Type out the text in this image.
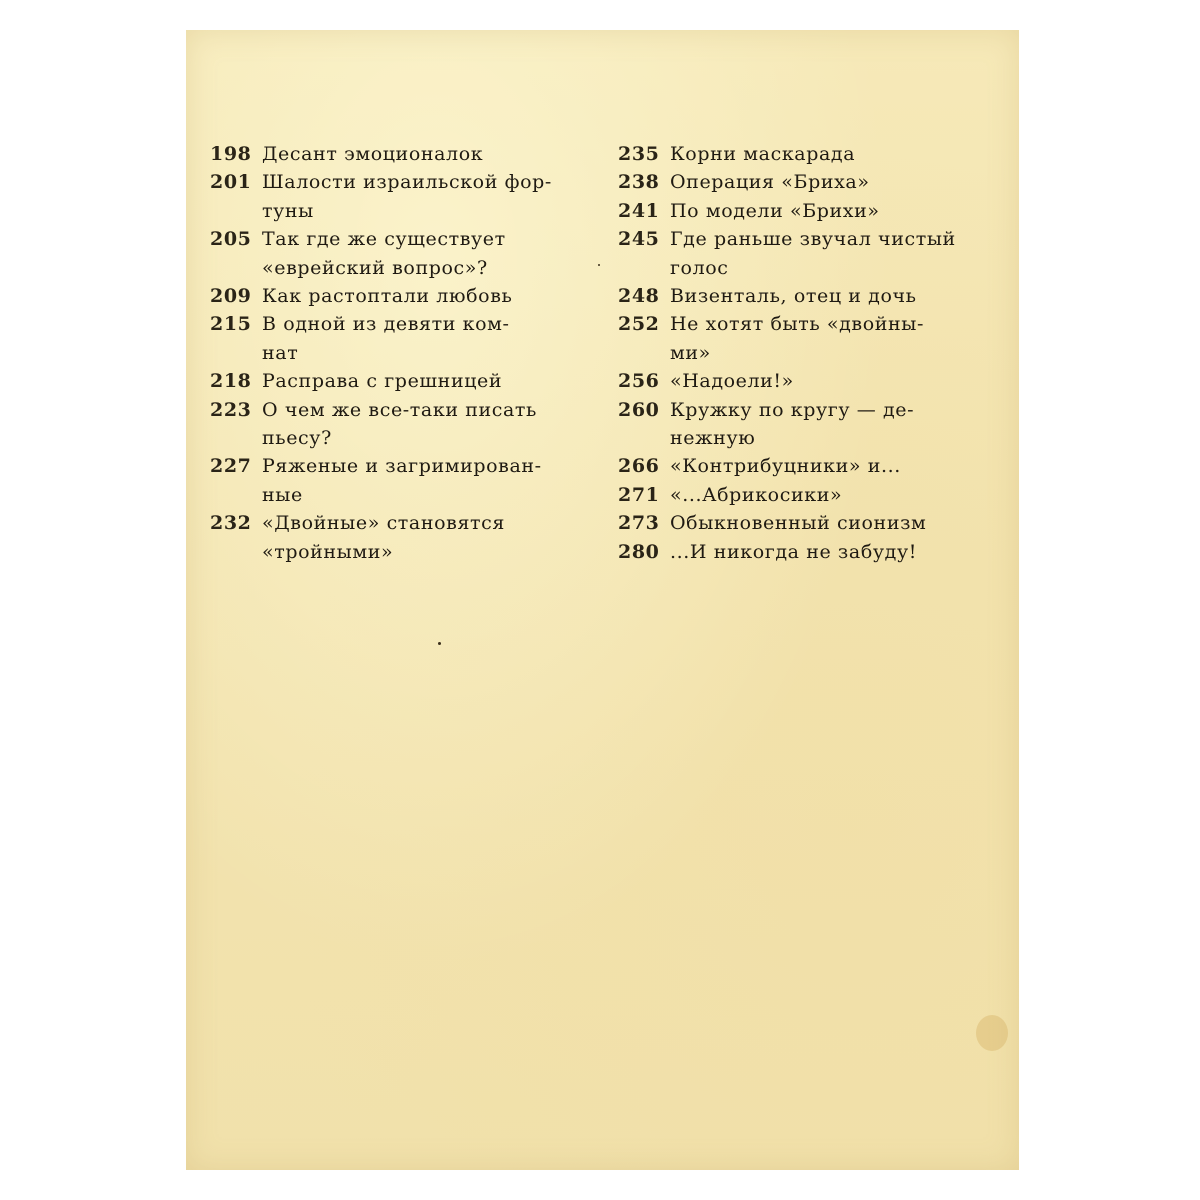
198 Десант эмоционалок
201 Шалости израильской фор-
туны
205 Так где же существует
«еврейский вопрос»?
209 Как растоптали любовь
215 В одной из девяти ком-
нат
218 Расправа с грешницей
223 О чем же все-таки писать
пьесу?
227 Ряженые и загримирован-
ные
232 «Двойные» становятся
«тройными»
235 Корни маскарада
238 Операция «Бриха»
241 По модели «Брихи»
245 Где раньше звучал чистый
голос
248 Визенталь, отец и дочь
252 Не хотят быть «двойны-
ми»
256 «Надоели!»
260 Кружку по кругу — де-
нежную
266 «Контрибуцники» и...
271 «...Абрикосики»
273 Обыкновенный сионизм
280 ...И никогда не забуду!
